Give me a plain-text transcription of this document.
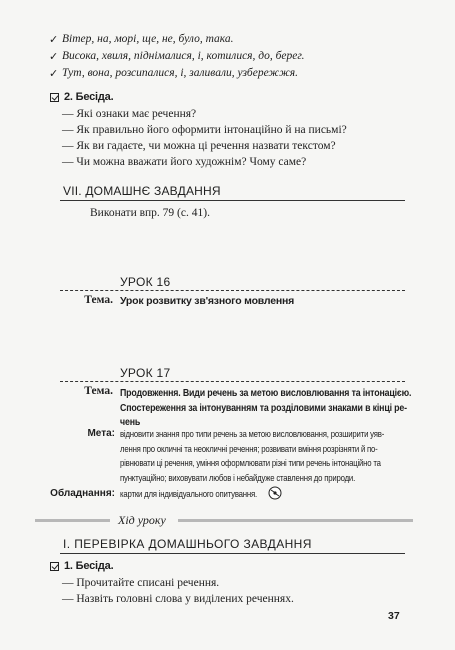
✓ Вітер, на, морі, ще, не, було, така.
✓ Висока, хвиля, піднімалися, і, котилися, до, берег.
✓ Тут, вона, розсипалися, і, заливали, узбережжя.
2. Бесіда.
— Які ознаки має речення?
— Як правильно його оформити інтонаційно й на письмі?
— Як ви гадаєте, чи можна ці речення назвати текстом?
— Чи можна вважати його художнім? Чому саме?
VII. ДОМАШНЄ ЗАВДАННЯ
Виконати впр. 79 (с. 41).
УРОК 16
Тема. Урок розвитку зв'язного мовлення
УРОК 17
Тема. Продовження. Види речень за метою висловлювання та інтонацією.
Спостереження за інтонуванням та розділовими знаками в кінці ре-
чень
Мета: відновити знання про типи речень за метою висловлювання, розширити уяв-
лення про окличні та неокличні речення; розвивати вміння розрізняти й по-
рівнювати ці речення, уміння оформлювати різні типи речень інтонаційно та
пунктуаційно; виховувати любов і небайдуже ставлення до природи.
Обладнання: картки для індивідуального опитування.
Хід уроку
I. ПЕРЕВІРКА ДОМАШНЬОГО ЗАВДАННЯ
1. Бесіда.
— Прочитайте списані речення.
— Назвіть головні слова у виділених реченнях.
37
